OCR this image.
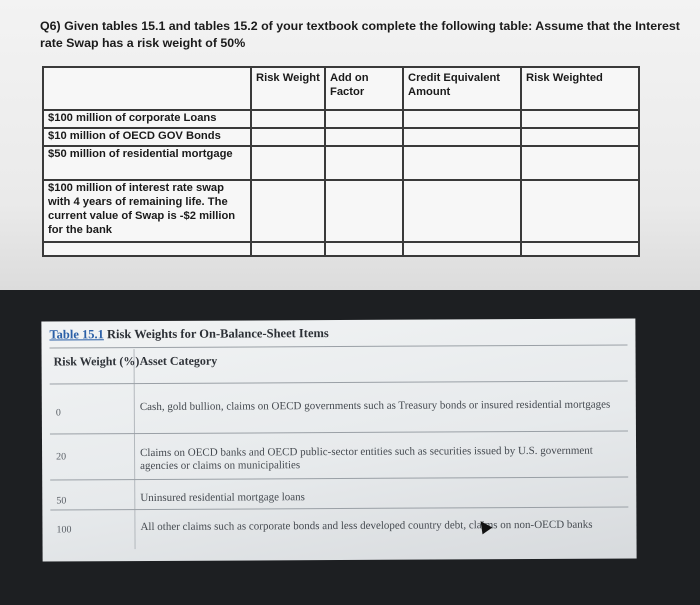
Q6) Given tables 15.1 and tables 15.2 of your textbook complete the following table: Assume that the Interest rate Swap has a risk weight of 50%
	Risk Weight	Add on Factor	Credit Equivalent Amount	Risk Weighted
$100 million of corporate Loans				
$10 million of OECD GOV Bonds				
$50 million of residential mortgage				
$100 million of interest rate swap with 4 years of remaining life. The current value of Swap is -$2 million for the bank				

Table 15.1 Risk Weights for On-Balance-Sheet Items
Risk Weight (%) Asset Category
0	Cash, gold bullion, claims on OECD governments such as Treasury bonds or insured residential mortgages
20	Claims on OECD banks and OECD public-sector entities such as securities issued by U.S. government agencies or claims on municipalities
50	Uninsured residential mortgage loans
100	All other claims such as corporate bonds and less developed country debt, claims on non-OECD banks
